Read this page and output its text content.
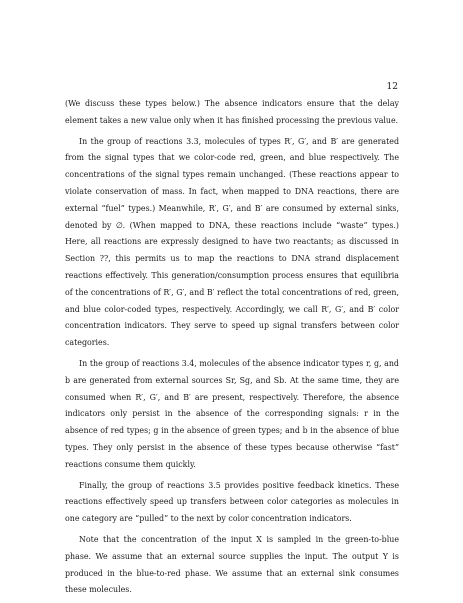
12

(We discuss these types below.) The absence indicators ensure that the delay element takes a new value only when it has finished processing the previous value.

In the group of reactions 3.3, molecules of types R′, G′, and B′ are generated from the signal types that we color-code red, green, and blue respectively. The concentrations of the signal types remain unchanged. (These reactions appear to violate conservation of mass. In fact, when mapped to DNA reactions, there are external “fuel” types.) Meanwhile, R′, G′, and B′ are consumed by external sinks, denoted by ∅. (When mapped to DNA, these reactions include “waste” types.) Here, all reactions are expressly designed to have two reactants; as discussed in Section ??, this permits us to map the reactions to DNA strand displacement reactions effectively. This generation/consumption process ensures that equilibria of the concentrations of R′, G′, and B′ reflect the total concentrations of red, green, and blue color-coded types, respectively. Accordingly, we call R′, G′, and B′ color concentration indicators. They serve to speed up signal transfers between color categories.

In the group of reactions 3.4, molecules of the absence indicator types r, g, and b are generated from external sources Sr, Sg, and Sb. At the same time, they are consumed when R′, G′, and B′ are present, respectively. Therefore, the absence indicators only persist in the absence of the corresponding signals: r in the absence of red types; g in the absence of green types; and b in the absence of blue types. They only persist in the absence of these types because otherwise “fast” reactions consume them quickly.

Finally, the group of reactions 3.5 provides positive feedback kinetics. These reactions effectively speed up transfers between color categories as molecules in one category are “pulled” to the next by color concentration indicators.

Note that the concentration of the input X is sampled in the green-to-blue phase. We assume that an external source supplies the input. The output Y is produced in the blue-to-red phase. We assume that an external sink consumes these molecules.
